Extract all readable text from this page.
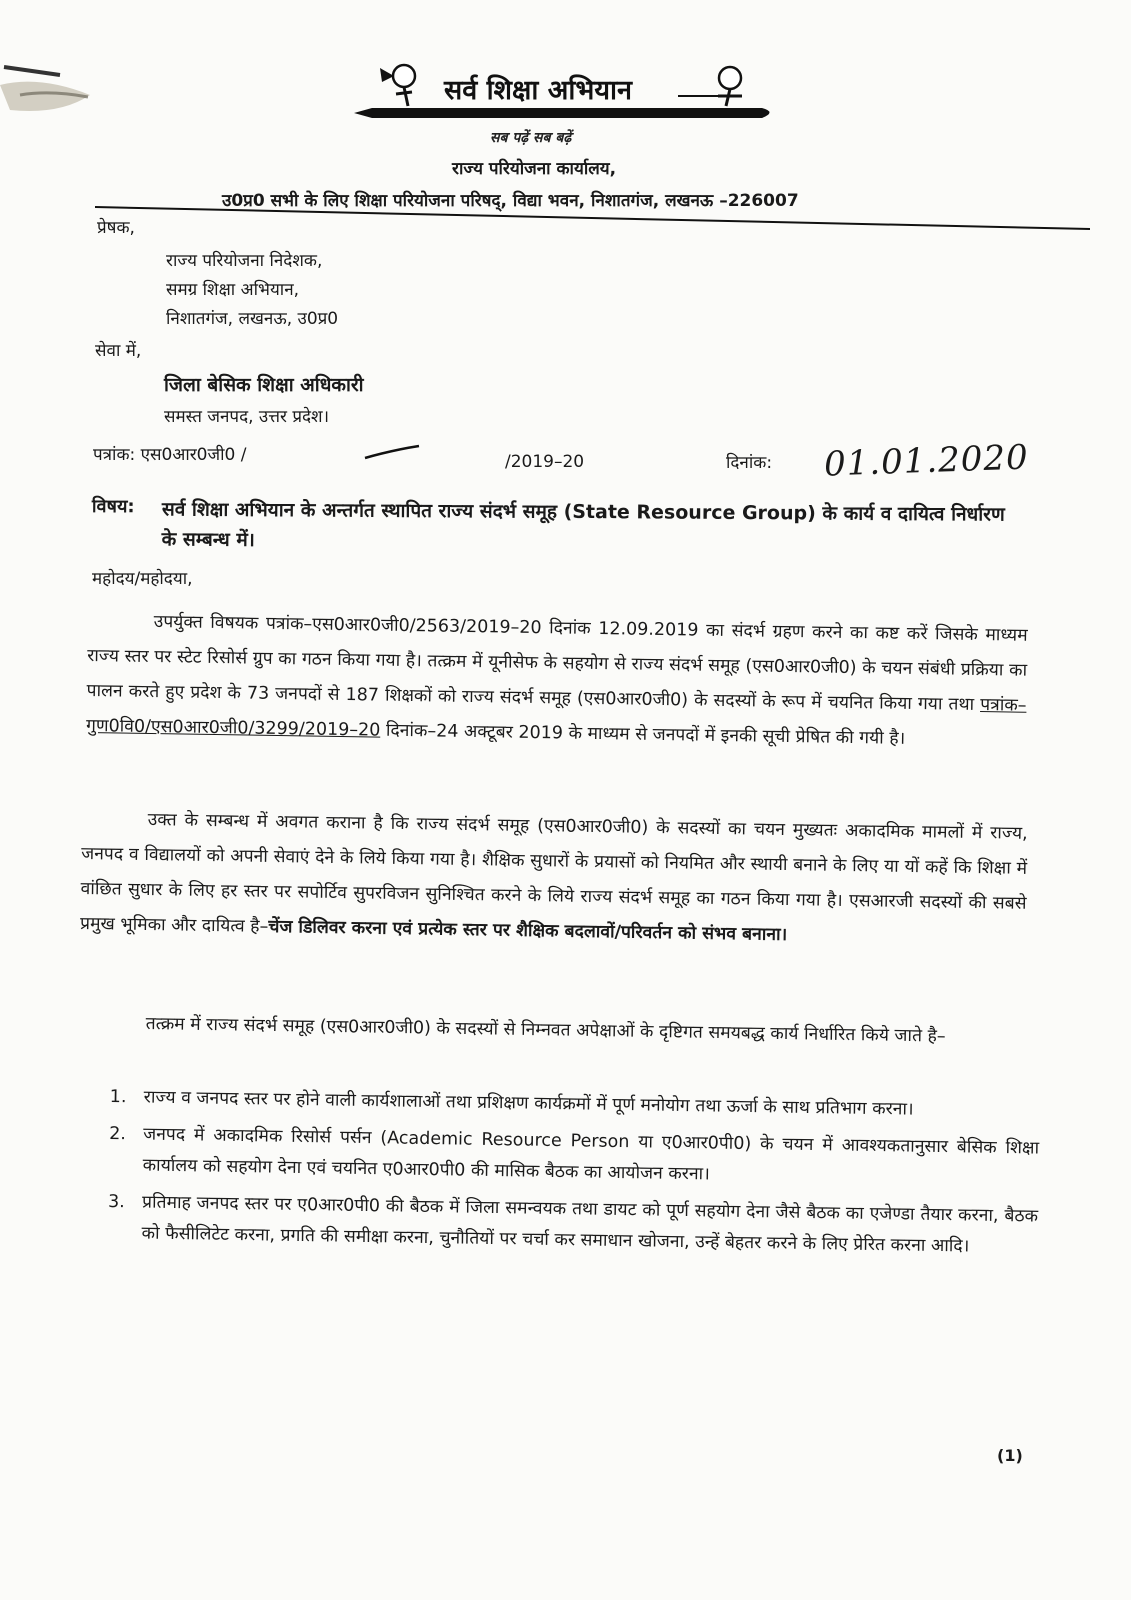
सर्व शिक्षा अभियान
सब पढ़ें सब बढ़ें
राज्य परियोजना कार्यालय,
उ0प्र0 सभी के लिए शिक्षा परियोजना परिषद्, विद्या भवन, निशातगंज, लखनऊ –226007
प्रेषक,
राज्य परियोजना निदेशक,
समग्र शिक्षा अभियान,
निशातगंज, लखनऊ, उ0प्र0
सेवा में,
जिला बेसिक शिक्षा अधिकारी
समस्त जनपद, उत्तर प्रदेश।
पत्रांक: एस0आर0जी0 /	/2019–20	दिनांक: 01.01.2020
विषय: सर्व शिक्षा अभियान के अन्तर्गत स्थापित राज्य संदर्भ समूह (State Resource Group) के कार्य व दायित्व निर्धारण के सम्बन्ध में।
महोदय/महोदया,
उपर्युक्त विषयक पत्रांक–एस0आर0जी0/2563/2019–20 दिनांक 12.09.2019 का संदर्भ ग्रहण करने का कष्ट करें जिसके माध्यम राज्य स्तर पर स्टेट रिसोर्स ग्रुप का गठन किया गया है। तत्क्रम में यूनीसेफ के सहयोग से राज्य संदर्भ समूह (एस0आर0जी0) के चयन संबंधी प्रक्रिया का पालन करते हुए प्रदेश के 73 जनपदों से 187 शिक्षकों को राज्य संदर्भ समूह (एस0आर0जी0) के सदस्यों के रूप में चयनित किया गया तथा पत्रांक–गुण0वि0/एस0आर0जी0/3299/2019–20 दिनांक–24 अक्टूबर 2019 के माध्यम से जनपदों में इनकी सूची प्रेषित की गयी है।
उक्त के सम्बन्ध में अवगत कराना है कि राज्य संदर्भ समूह (एस0आर0जी0) के सदस्यों का चयन मुख्यतः अकादमिक मामलों में राज्य, जनपद व विद्यालयों को अपनी सेवाएं देने के लिये किया गया है। शैक्षिक सुधारों के प्रयासों को नियमित और स्थायी बनाने के लिए या यों कहें कि शिक्षा में वांछित सुधार के लिए हर स्तर पर सपोर्टिव सुपरविजन सुनिश्चित करने के लिये राज्य संदर्भ समूह का गठन किया गया है। एसआरजी सदस्यों की सबसे प्रमुख भूमिका और दायित्व है–चेंज डिलिवर करना एवं प्रत्येक स्तर पर शैक्षिक बदलावों/परिवर्तन को संभव बनाना।
तत्क्रम में राज्य संदर्भ समूह (एस0आर0जी0) के सदस्यों से निम्नवत अपेक्षाओं के दृष्टिगत समयबद्ध कार्य निर्धारित किये जाते है–
1. राज्य व जनपद स्तर पर होने वाली कार्यशालाओं तथा प्रशिक्षण कार्यक्रमों में पूर्ण मनोयोग तथा ऊर्जा के साथ प्रतिभाग करना।
2. जनपद में अकादमिक रिसोर्स पर्सन (Academic Resource Person या ए0आर0पी0) के चयन में आवश्यकतानुसार बेसिक शिक्षा कार्यालय को सहयोग देना एवं चयनित ए0आर0पी0 की मासिक बैठक का आयोजन करना।
3. प्रतिमाह जनपद स्तर पर ए0आर0पी0 की बैठक में जिला समन्वयक तथा डायट को पूर्ण सहयोग देना जैसे बैठक का एजेण्डा तैयार करना, बैठक को फैसीलिटेट करना, प्रगति की समीक्षा करना, चुनौतियों पर चर्चा कर समाधान खोजना, उन्हें बेहतर करने के लिए प्रेरित करना आदि।
(1)
